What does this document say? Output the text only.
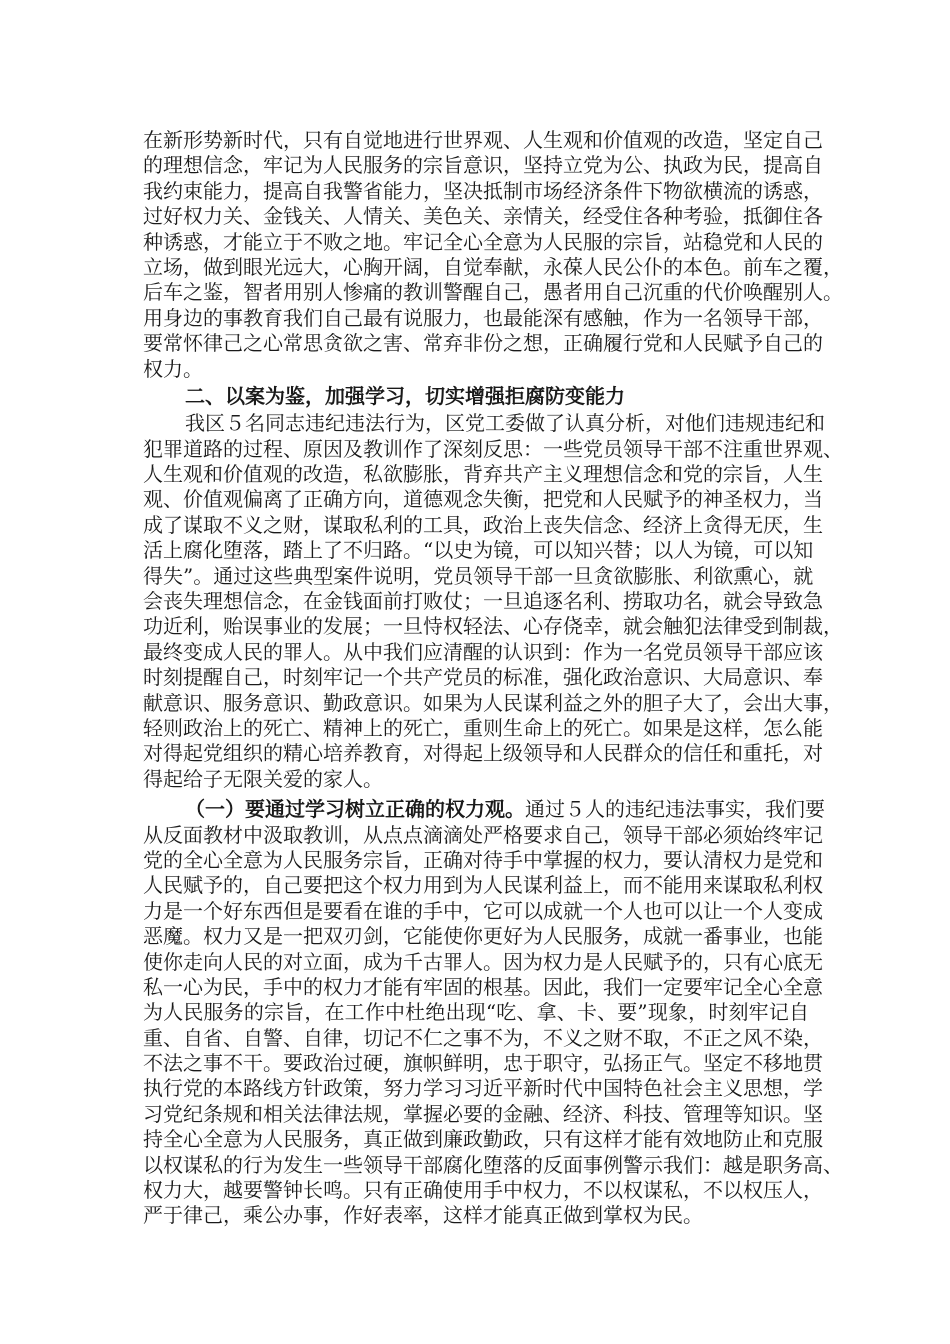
在新形势新时代，只有自觉地进行世界观、人生观和价值观的改造，坚定自己
的理想信念，牢记为人民服务的宗旨意识，坚持立党为公、执政为民，提高自
我约束能力，提高自我警省能力，坚决抵制市场经济条件下物欲横流的诱惑，
过好权力关、金钱关、人情关、美色关、亲情关，经受住各种考验，抵御住各
种诱惑，才能立于不败之地。牢记全心全意为人民服的宗旨，站稳党和人民的
立场，做到眼光远大，心胸开阔，自觉奉献，永葆人民公仆的本色。前车之覆，
后车之鉴，智者用别人惨痛的教训警醒自己，愚者用自己沉重的代价唤醒别人。
用身边的事教育我们自己最有说服力，也最能深有感触，作为一名领导干部，
要常怀律己之心常思贪欲之害、常弃非份之想，正确履行党和人民赋予自己的
权力。
二、以案为鉴，加强学习，切实增强拒腐防变能力
我区５名同志违纪违法行为，区党工委做了认真分析，对他们违规违纪和
犯罪道路的过程、原因及教训作了深刻反思：一些党员领导干部不注重世界观、
人生观和价值观的改造，私欲膨胀，背弃共产主义理想信念和党的宗旨，人生
观、价值观偏离了正确方向，道德观念失衡，把党和人民赋予的神圣权力，当
成了谋取不义之财，谋取私利的工具，政治上丧失信念、经济上贪得无厌，生
活上腐化堕落，踏上了不归路。“以史为镜，可以知兴替；以人为镜，可以知
得失”。通过这些典型案件说明，党员领导干部一旦贪欲膨胀、利欲熏心，就
会丧失理想信念，在金钱面前打败仗；一旦追逐名利、捞取功名，就会导致急
功近利，贻误事业的发展；一旦恃权轻法、心存侥幸，就会触犯法律受到制裁，
最终变成人民的罪人。从中我们应清醒的认识到：作为一名党员领导干部应该
时刻提醒自己，时刻牢记一个共产党员的标准，强化政治意识、大局意识、奉
献意识、服务意识、勤政意识。如果为人民谋利益之外的胆子大了，会出大事，
轻则政治上的死亡、精神上的死亡，重则生命上的死亡。如果是这样，怎么能
对得起党组织的精心培养教育，对得起上级领导和人民群众的信任和重托，对
得起给子无限关爱的家人。
（一）要通过学习树立正确的权力观。通过５人的违纪违法事实，我们要
从反面教材中汲取教训，从点点滴滴处严格要求自己，领导干部必须始终牢记
党的全心全意为人民服务宗旨，正确对待手中掌握的权力，要认清权力是党和
人民赋予的，自己要把这个权力用到为人民谋利益上，而不能用来谋取私利权
力是一个好东西但是要看在谁的手中，它可以成就一个人也可以让一个人变成
恶魔。权力又是一把双刃剑，它能使你更好为人民服务，成就一番事业，也能
使你走向人民的对立面，成为千古罪人。因为权力是人民赋予的，只有心底无
私一心为民，手中的权力才能有牢固的根基。因此，我们一定要牢记全心全意
为人民服务的宗旨，在工作中杜绝出现“吃、拿、卡、要”现象，时刻牢记自
重、自省、自警、自律，切记不仁之事不为，不义之财不取，不正之风不染，
不法之事不干。要政治过硬，旗帜鲜明，忠于职守，弘扬正气。坚定不移地贯
执行党的本路线方针政策，努力学习习近平新时代中国特色社会主义思想，学
习党纪条规和相关法律法规，掌握必要的金融、经济、科技、管理等知识。坚
持全心全意为人民服务，真正做到廉政勤政，只有这样才能有效地防止和克服
以权谋私的行为发生一些领导干部腐化堕落的反面事例警示我们：越是职务高、
权力大，越要警钟长鸣。只有正确使用手中权力，不以权谋私，不以权压人，
严于律己，乘公办事，作好表率，这样才能真正做到掌权为民。
